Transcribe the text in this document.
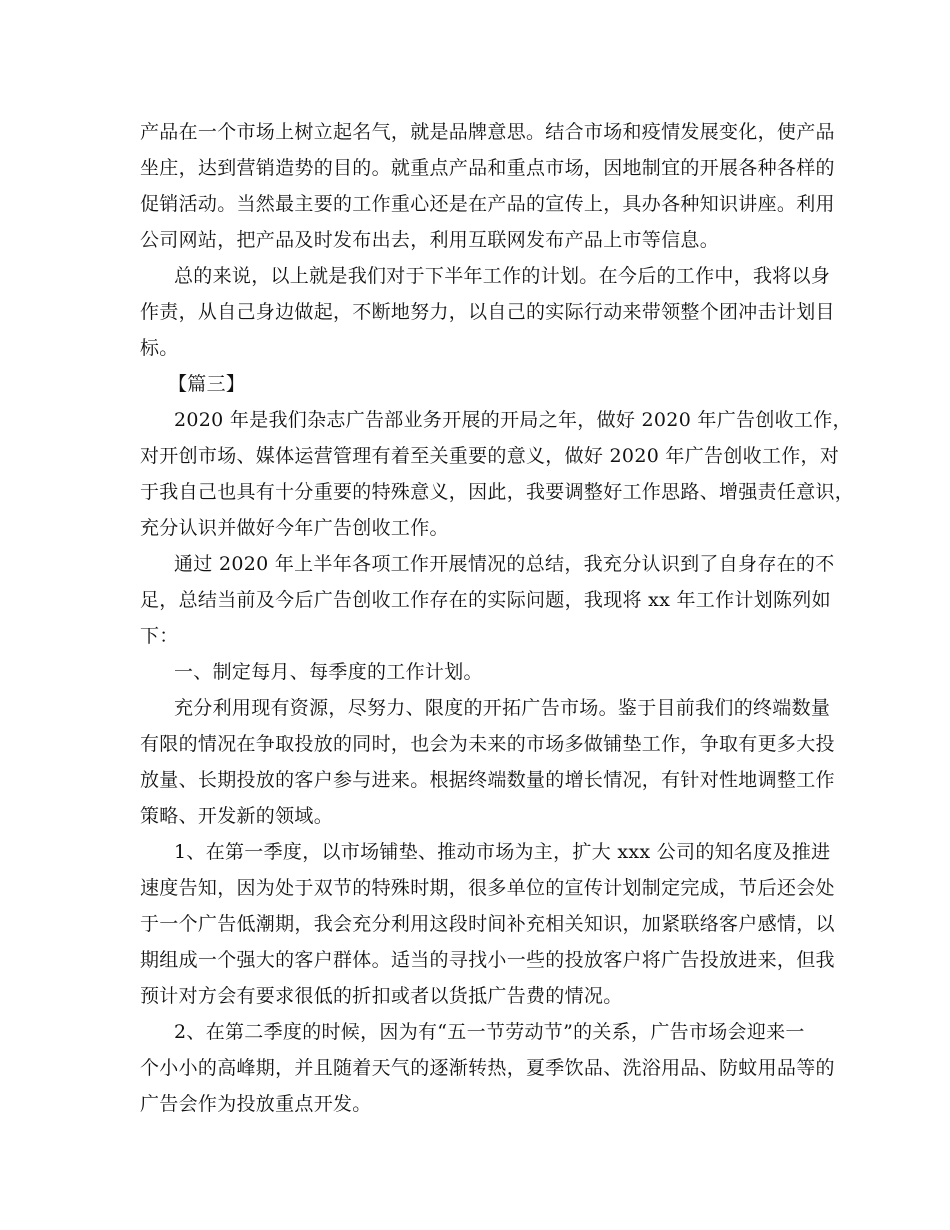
产品在一个市场上树立起名气，就是品牌意思。结合市场和疫情发展变化，使产品
坐庄，达到营销造势的目的。就重点产品和重点市场，因地制宜的开展各种各样的
促销活动。当然最主要的工作重心还是在产品的宣传上，具办各种知识讲座。利用
公司网站，把产品及时发布出去，利用互联网发布产品上市等信息。
总的来说，以上就是我们对于下半年工作的计划。在今后的工作中，我将以身
作责，从自己身边做起，不断地努力，以自己的实际行动来带领整个团冲击计划目
标。
【篇三】
2020 年是我们杂志广告部业务开展的开局之年，做好 2020 年广告创收工作，
对开创市场、媒体运营管理有着至关重要的意义，做好 2020 年广告创收工作，对
于我自己也具有十分重要的特殊意义，因此，我要调整好工作思路、增强责任意识，
充分认识并做好今年广告创收工作。
通过 2020 年上半年各项工作开展情况的总结，我充分认识到了自身存在的不
足，总结当前及今后广告创收工作存在的实际问题，我现将 xx 年工作计划陈列如
下：
一、制定每月、每季度的工作计划。
充分利用现有资源，尽努力、限度的开拓广告市场。鉴于目前我们的终端数量
有限的情况在争取投放的同时，也会为未来的市场多做铺垫工作，争取有更多大投
放量、长期投放的客户参与进来。根据终端数量的增长情况，有针对性地调整工作
策略、开发新的领域。
1、在第一季度，以市场铺垫、推动市场为主，扩大 xxx 公司的知名度及推进
速度告知，因为处于双节的特殊时期，很多单位的宣传计划制定完成，节后还会处
于一个广告低潮期，我会充分利用这段时间补充相关知识，加紧联络客户感情，以
期组成一个强大的客户群体。适当的寻找小一些的投放客户将广告投放进来，但我
预计对方会有要求很低的折扣或者以货抵广告费的情况。
2、在第二季度的时候，因为有“五一节劳动节”的关系，广告市场会迎来一
个小小的高峰期，并且随着天气的逐渐转热，夏季饮品、洗浴用品、防蚊用品等的
广告会作为投放重点开发。
